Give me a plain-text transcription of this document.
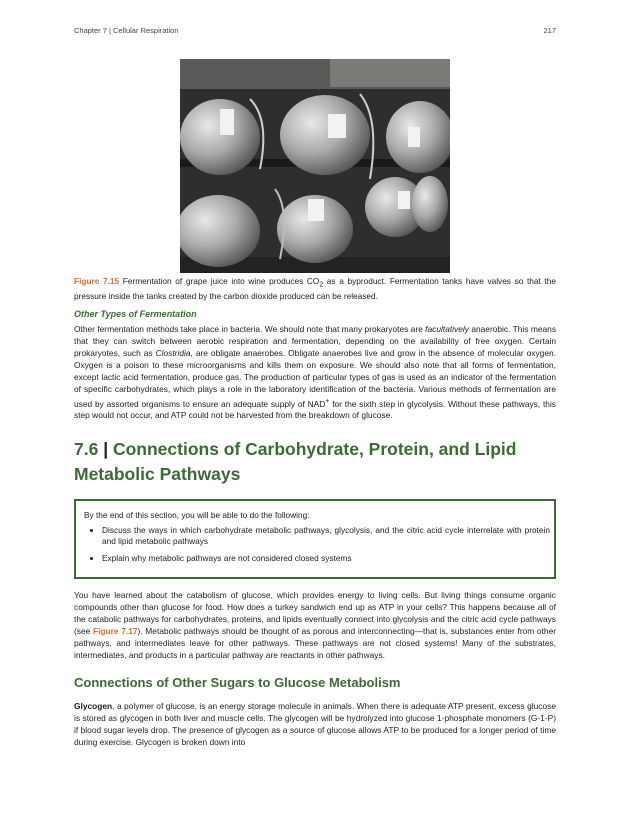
Chapter 7 | Cellular Respiration	217
Figure 7.15 Fermentation of grape juice into wine produces $CO_2$ as a byproduct. Fermentation tanks have valves so that the pressure inside the tanks created by the carbon dioxide produced can be released.
Other Types of Fermentation
Other fermentation methods take place in bacteria. We should note that many prokaryotes are facultatively anaerobic. This means that they can switch between aerobic respiration and fermentation, depending on the availability of free oxygen. Certain prokaryotes, such as Clostridia, are obligate anaerobes. Obligate anaerobes live and grow in the absence of molecular oxygen. Oxygen is a poison to these microorganisms and kills them on exposure. We should also note that all forms of fermentation, except lactic acid fermentation, produce gas. The production of particular types of gas is used as an indicator of the fermentation of specific carbohydrates, which plays a role in the laboratory identification of the bacteria. Various methods of fermentation are used by assorted organisms to ensure an adequate supply of NAD+ for the sixth step in glycolysis. Without these pathways, this step would not occur, and ATP could not be harvested from the breakdown of glucose.
7.6 | Connections of Carbohydrate, Protein, and Lipid Metabolic Pathways
By the end of this section, you will be able to do the following:
• Discuss the ways in which carbohydrate metabolic pathways, glycolysis, and the citric acid cycle interrelate with protein and lipid metabolic pathways
• Explain why metabolic pathways are not considered closed systems
You have learned about the catabolism of glucose, which provides energy to living cells. But living things consume organic compounds other than glucose for food. How does a turkey sandwich end up as ATP in your cells? This happens because all of the catabolic pathways for carbohydrates, proteins, and lipids eventually connect into glycolysis and the citric acid cycle pathways (see Figure 7.17). Metabolic pathways should be thought of as porous and interconnecting—that is, substances enter from other pathways, and intermediates leave for other pathways. These pathways are not closed systems! Many of the substrates, intermediates, and products in a particular pathway are reactants in other pathways.
Connections of Other Sugars to Glucose Metabolism
Glycogen, a polymer of glucose, is an energy storage molecule in animals. When there is adequate ATP present, excess glucose is stored as glycogen in both liver and muscle cells. The glycogen will be hydrolyzed into glucose 1-phosphate monomers (G-1-P) if blood sugar levels drop. The presence of glycogen as a source of glucose allows ATP to be produced for a longer period of time during exercise. Glycogen is broken down into
